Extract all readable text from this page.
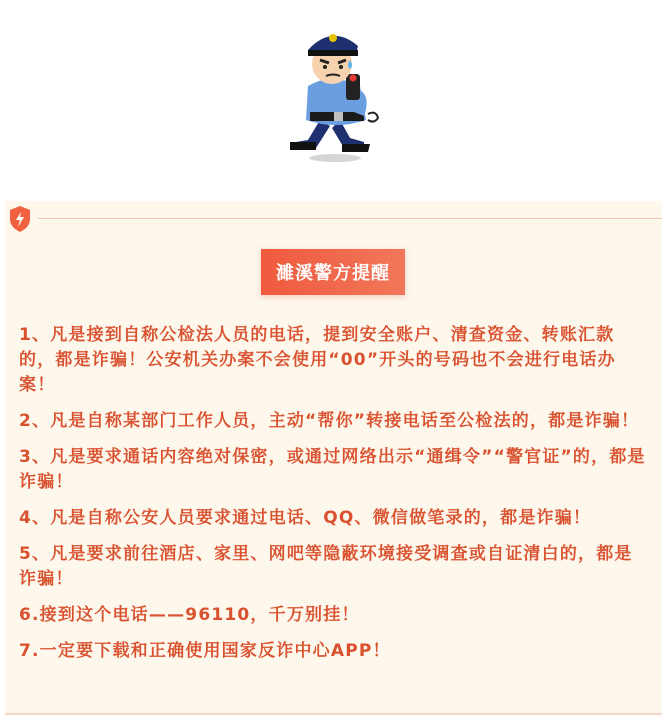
濉溪警方提醒
1、凡是接到自称公检法人员的电话，提到安全账户、清查资金、转账汇款的，都是诈骗！公安机关办案不会使用“00”开头的号码也不会进行电话办案！
2、凡是自称某部门工作人员，主动“帮你”转接电话至公检法的，都是诈骗！
3、凡是要求通话内容绝对保密，或通过网络出示“通缉令”“警官证”的，都是诈骗！
4、凡是自称公安人员要求通过电话、QQ、微信做笔录的，都是诈骗！
5、凡是要求前往酒店、家里、网吧等隐蔽环境接受调查或自证清白的，都是诈骗！
6.接到这个电话——96110，千万别挂！
7.一定要下载和正确使用国家反诈中心APP！
